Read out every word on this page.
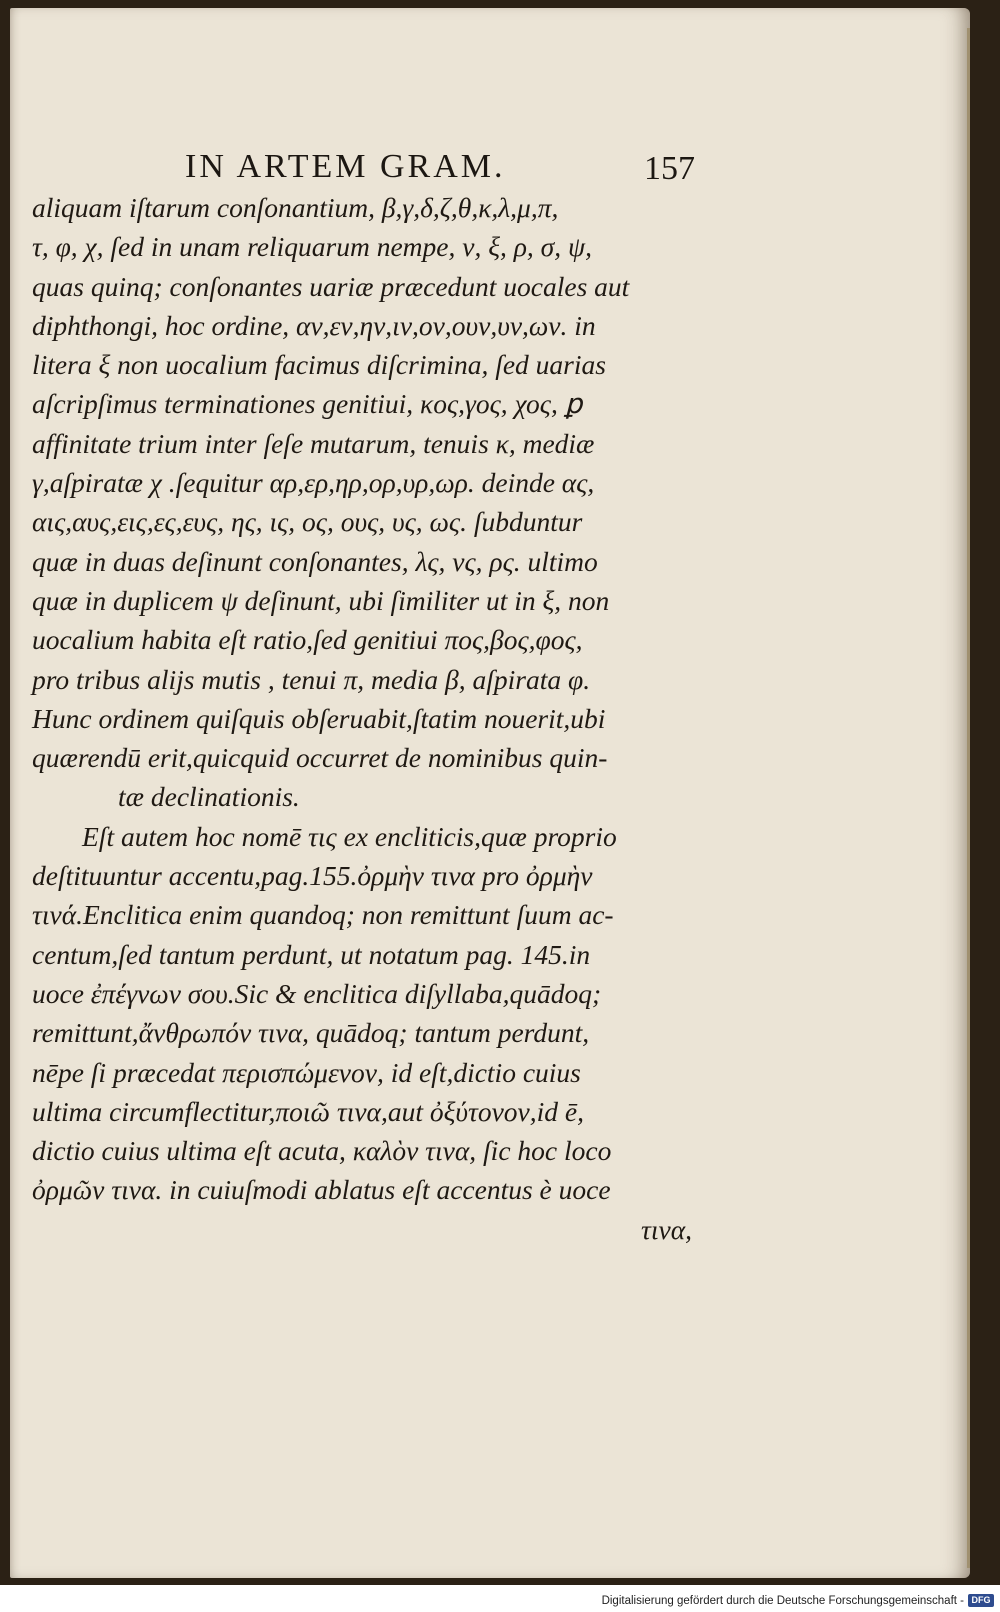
IN ARTEM GRAM.	157
aliquam iſtarum conſonantium, β,γ,δ,ζ,θ,κ,λ,μ,π,
τ, φ, χ, ſed in unam reliquarum nempe, ν, ξ, ρ, σ, ψ,
quas quinq; conſonantes uariæ præcedunt uocales aut
diphthongi, hoc ordine, αν,εν,ην,ιν,ον,ουν,υν,ων. in
litera ξ non uocalium facimus diſcrimina, ſed uarias
aſcripſimus terminationes genitiui, κος,γος, χος, ꝑ
affinitate trium inter ſeſe mutarum, tenuis κ, mediæ
γ,aſpiratæ χ .ſequitur αρ,ερ,ηρ,ορ,υρ,ωρ. deinde ας,
αις,αυς,εις,ες,ευς, ης, ις, ος, ους, υς, ως. ſubduntur
quæ in duas deſinunt conſonantes, λς, νς, ρς. ultimo
quæ in duplicem ψ deſinunt, ubi ſimiliter ut in ξ, non
uocalium habita eſt ratio,ſed genitiui πος,βος,φος,
pro tribus alijs mutis , tenui π, media β, aſpirata φ.
Hunc ordinem quiſquis obſeruabit,ſtatim nouerit,ubi
quærendū erit,quicquid occurret de nominibus quin-
tæ declinationis.
Eſt autem hoc nomē τις ex encliticis,quæ proprio
deſtituuntur accentu,pag.155.ὀρμὴν τινα pro ὀρμὴν
τινά.Enclitica enim quandoq; non remittunt ſuum ac-
centum,ſed tantum perdunt, ut notatum pag. 145.in
uoce ἐπέγνων σου.Sic & enclitica diſyllaba,quādoq;
remittunt,ἄνθρωπόν τινα, quādoq; tantum perdunt,
nēpe ſi præcedat περισπώμενον, id eſt,dictio cuius
ultima circumflectitur,ποιῶ τινα,aut ὀξύτονον,id ē,
dictio cuius ultima eſt acuta, καλὸν τινα, ſic hoc loco
ὀρμῶν τινα. in cuiuſmodi ablatus eſt accentus è uoce
τινα,
Digitalisierung gefördert durch die Deutsche Forschungsgemeinschaft - DFG
